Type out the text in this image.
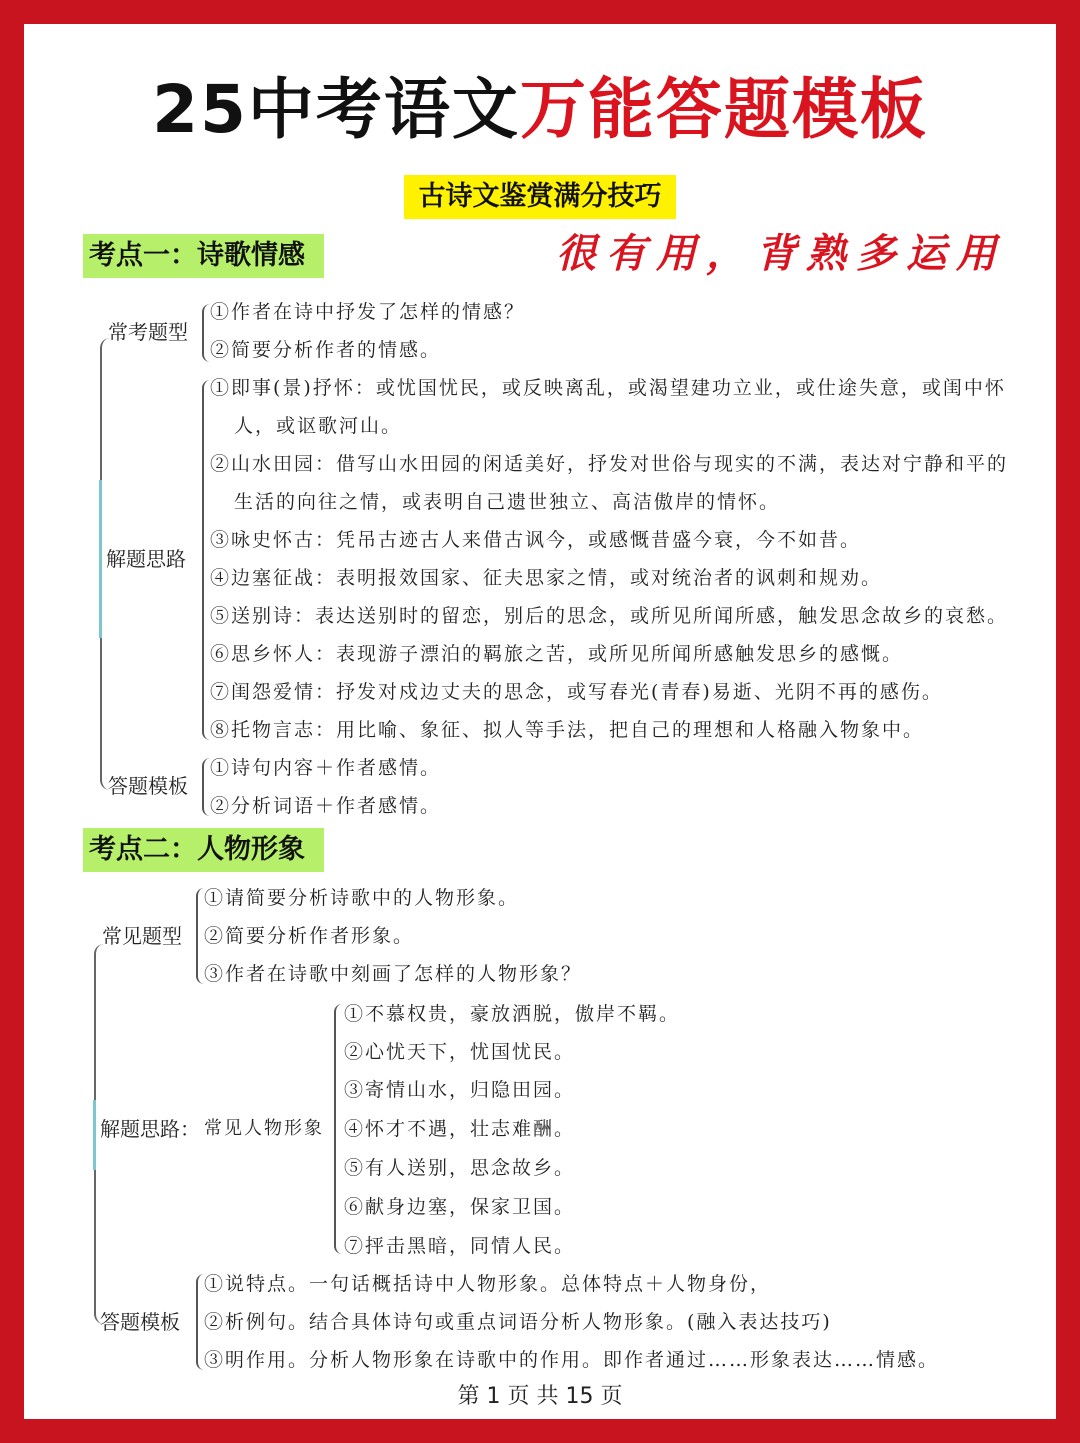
25中考语文万能答题模板
古诗文鉴赏满分技巧
考点一：诗歌情感	很有用，背熟多运用
常考题型
①作者在诗中抒发了怎样的情感？
②简要分析作者的情感。
解题思路
①即事(景)抒怀：或忧国忧民，或反映离乱，或渴望建功立业，或仕途失意，或闺中怀
人，或讴歌河山。
②山水田园：借写山水田园的闲适美好，抒发对世俗与现实的不满，表达对宁静和平的
生活的向往之情，或表明自己遗世独立、高洁傲岸的情怀。
③咏史怀古：凭吊古迹古人来借古讽今，或感慨昔盛今衰，今不如昔。
④边塞征战：表明报效国家、征夫思家之情，或对统治者的讽刺和规劝。
⑤送别诗：表达送别时的留恋，别后的思念，或所见所闻所感，触发思念故乡的哀愁。
⑥思乡怀人：表现游子漂泊的羁旅之苦，或所见所闻所感触发思乡的感慨。
⑦闺怨爱情：抒发对戍边丈夫的思念，或写春光(青春)易逝、光阴不再的感伤。
⑧托物言志：用比喻、象征、拟人等手法，把自己的理想和人格融入物象中。
答题模板
①诗句内容＋作者感情。
②分析词语＋作者感情。
考点二：人物形象
常见题型
①请简要分析诗歌中的人物形象。
②简要分析作者形象。
③作者在诗歌中刻画了怎样的人物形象？
解题思路： 常见人物形象
①不慕权贵，豪放洒脱，傲岸不羁。
②心忧天下，忧国忧民。
③寄情山水，归隐田园。
④怀才不遇，壮志难酬。
⑤有人送别，思念故乡。
⑥献身边塞，保家卫国。
⑦抨击黑暗，同情人民。
答题模板
①说特点。一句话概括诗中人物形象。总体特点＋人物身份，
②析例句。结合具体诗句或重点词语分析人物形象。(融入表达技巧)
③明作用。分析人物形象在诗歌中的作用。即作者通过……形象表达……情感。
第 1 页 共 15 页
